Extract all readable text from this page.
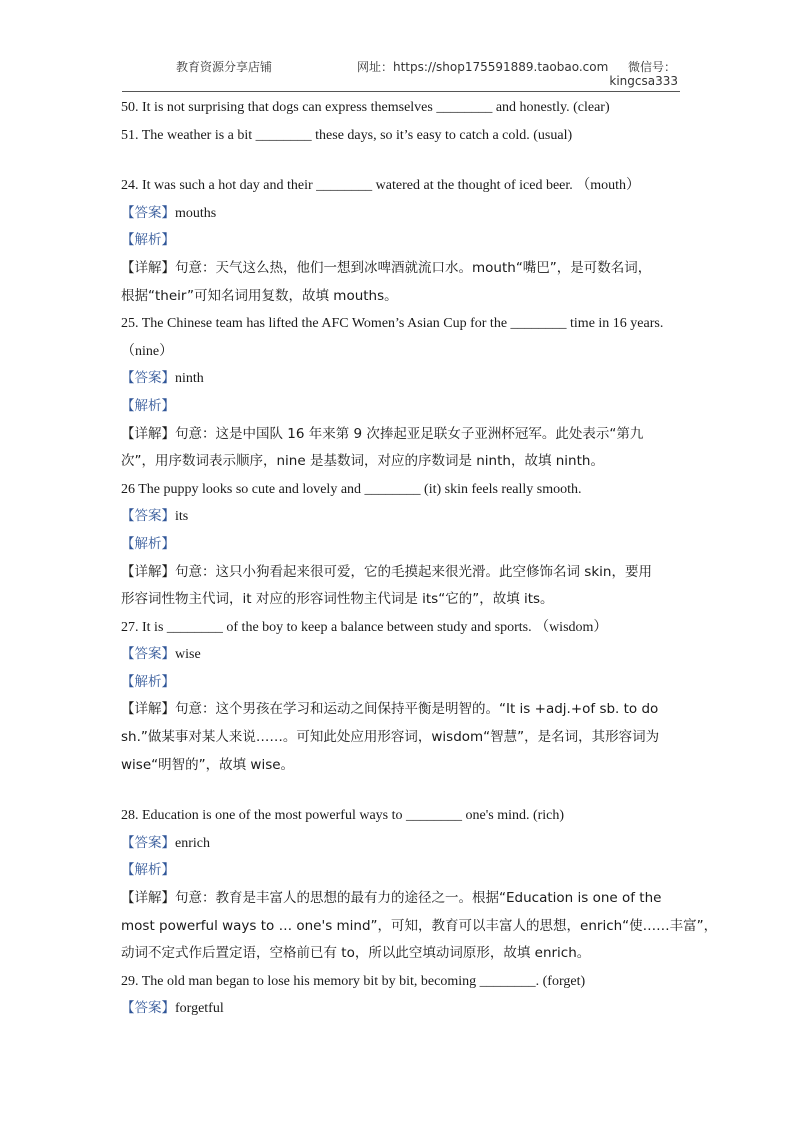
教育资源分享店铺	网址：https://shop175591889.taobao.com 微信号：
kingcsa333
50. It is not surprising that dogs can express themselves ________ and honestly. (clear)
51. The weather is a bit ________ these days, so it’s easy to catch a cold. (usual)
24. It was such a hot day and their ________ watered at the thought of iced beer. （mouth）
【答案】mouths
【解析】
【详解】句意：天气这么热，他们一想到冰啤酒就流口水。mouth“嘴巴”，是可数名词，
根据“their”可知名词用复数，故填 mouths。
25. The Chinese team has lifted the AFC Women’s Asian Cup for the ________ time in 16 years.
（nine）
【答案】ninth
【解析】
【详解】句意：这是中国队 16 年来第 9 次捧起亚足联女子亚洲杯冠军。此处表示“第九
次”，用序数词表示顺序，nine 是基数词，对应的序数词是 ninth，故填 ninth。
26 The puppy looks so cute and lovely and ________ (it) skin feels really smooth.
【答案】its
【解析】
【详解】句意：这只小狗看起来很可爱，它的毛摸起来很光滑。此空修饰名词 skin，要用
形容词性物主代词，it 对应的形容词性物主代词是 its“它的”，故填 its。
27. It is ________ of the boy to keep a balance between study and sports. （wisdom）
【答案】wise
【解析】
【详解】句意：这个男孩在学习和运动之间保持平衡是明智的。“It is +adj.+of sb. to do
sh.”做某事对某人来说……。可知此处应用形容词，wisdom“智慧”，是名词，其形容词为
wise“明智的”，故填 wise。
28. Education is one of the most powerful ways to ________ one's mind. (rich)
【答案】enrich
【解析】
【详解】句意：教育是丰富人的思想的最有力的途径之一。根据“Education is one of the
most powerful ways to … one's mind”，可知，教育可以丰富人的思想，enrich“使……丰富”，
动词不定式作后置定语，空格前已有 to，所以此空填动词原形，故填 enrich。
29. The old man began to lose his memory bit by bit, becoming ________. (forget)
【答案】forgetful
